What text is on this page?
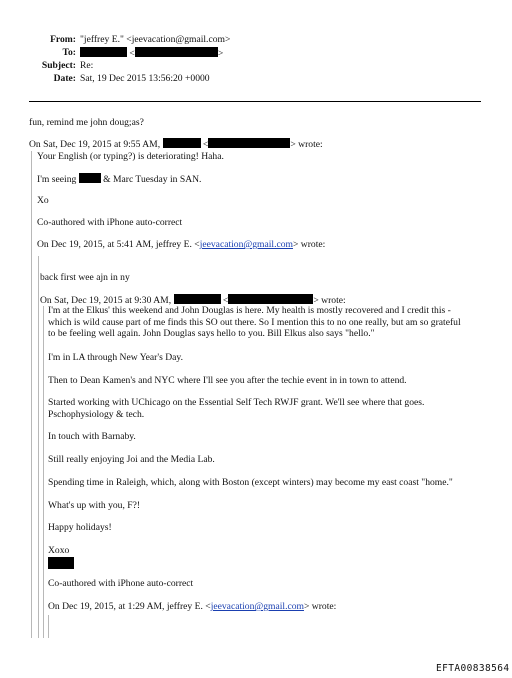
From: "jeffrey E." <jeevacation@gmail.com>
To:	<	>
Subject: Re:
Date: Sat, 19 Dec 2015 13:56:20 +0000
fun, remind me john doug;as?
On Sat, Dec 19, 2015 at 9:55 AM,	<	> wrote:
Your English (or typing?) is deteriorating! Haha.
I'm seeing	& Marc Tuesday in SAN.
Xo
Co-authored with iPhone auto-correct
On Dec 19, 2015, at 5:41 AM, jeffrey E. <jeevacation@gmail.com> wrote:
back first wee ajn in ny
On Sat, Dec 19, 2015 at 9:30 AM,	<	> wrote:
I'm at the Elkus' this weekend and John Douglas is here. My health is mostly recovered and I credit this -
which is wild cause part of me finds this SO out there. So I mention this to no one really, but am so grateful
to be feeling well again. John Douglas says hello to you. Bill Elkus also says "hello."
I'm in LA through New Year's Day.
Then to Dean Kamen's and NYC where I'll see you after the techie event in in town to attend.
Started working with UChicago on the Essential Self Tech RWJF grant. We'll see where that goes.
Pschophysiology & tech.
In touch with Barnaby.
Still really enjoying Joi and the Media Lab.
Spending time in Raleigh, which, along with Boston (except winters) may become my east coast "home."
What's up with you, F?!
Happy holidays!
Xoxo
Co-authored with iPhone auto-correct
On Dec 19, 2015, at 1:29 AM, jeffrey E. <jeevacation@gmail.com> wrote:
EFTA00838564
